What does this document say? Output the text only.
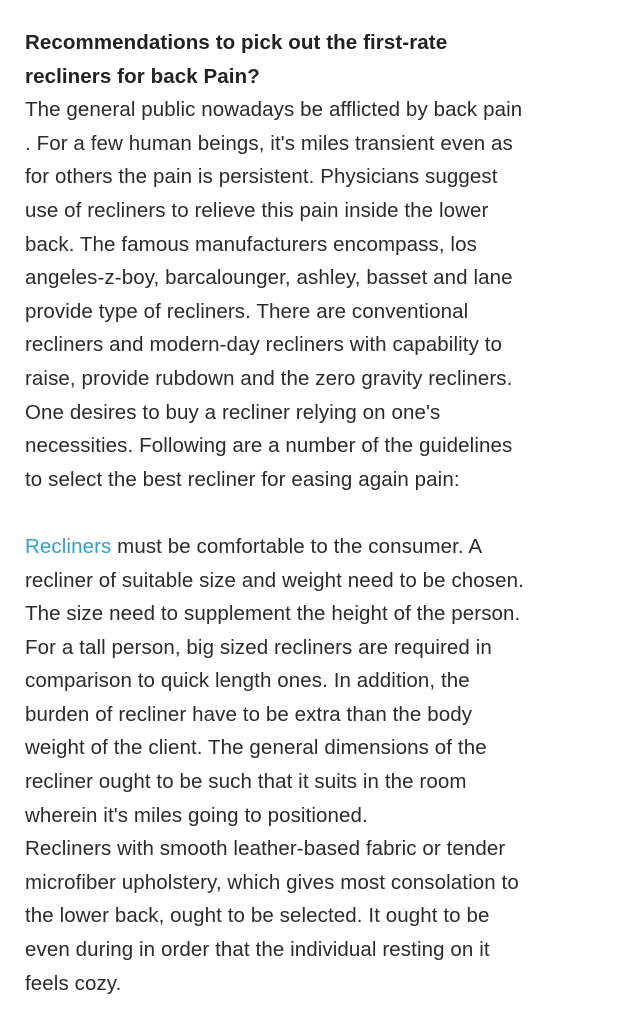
Recommendations to pick out the first-rate
recliners for back Pain?
The general public nowadays be afflicted by back pain
. For a few human beings, it's miles transient even as
for others the pain is persistent. Physicians suggest
use of recliners to relieve this pain inside the lower
back. The famous manufacturers encompass, los
angeles-z-boy, barcalounger, ashley, basset and lane
provide type of recliners. There are conventional
recliners and modern-day recliners with capability to
raise, provide rubdown and the zero gravity recliners.
One desires to buy a recliner relying on one's
necessities. Following are a number of the guidelines
to select the best recliner for easing again pain:
Recliners must be comfortable to the consumer. A
recliner of suitable size and weight need to be chosen.
The size need to supplement the height of the person.
For a tall person, big sized recliners are required in
comparison to quick length ones. In addition, the
burden of recliner have to be extra than the body
weight of the client. The general dimensions of the
recliner ought to be such that it suits in the room
wherein it's miles going to positioned.
Recliners with smooth leather-based fabric or tender
microfiber upholstery, which gives most consolation to
the lower back, ought to be selected. It ought to be
even during in order that the individual resting on it
feels cozy.
